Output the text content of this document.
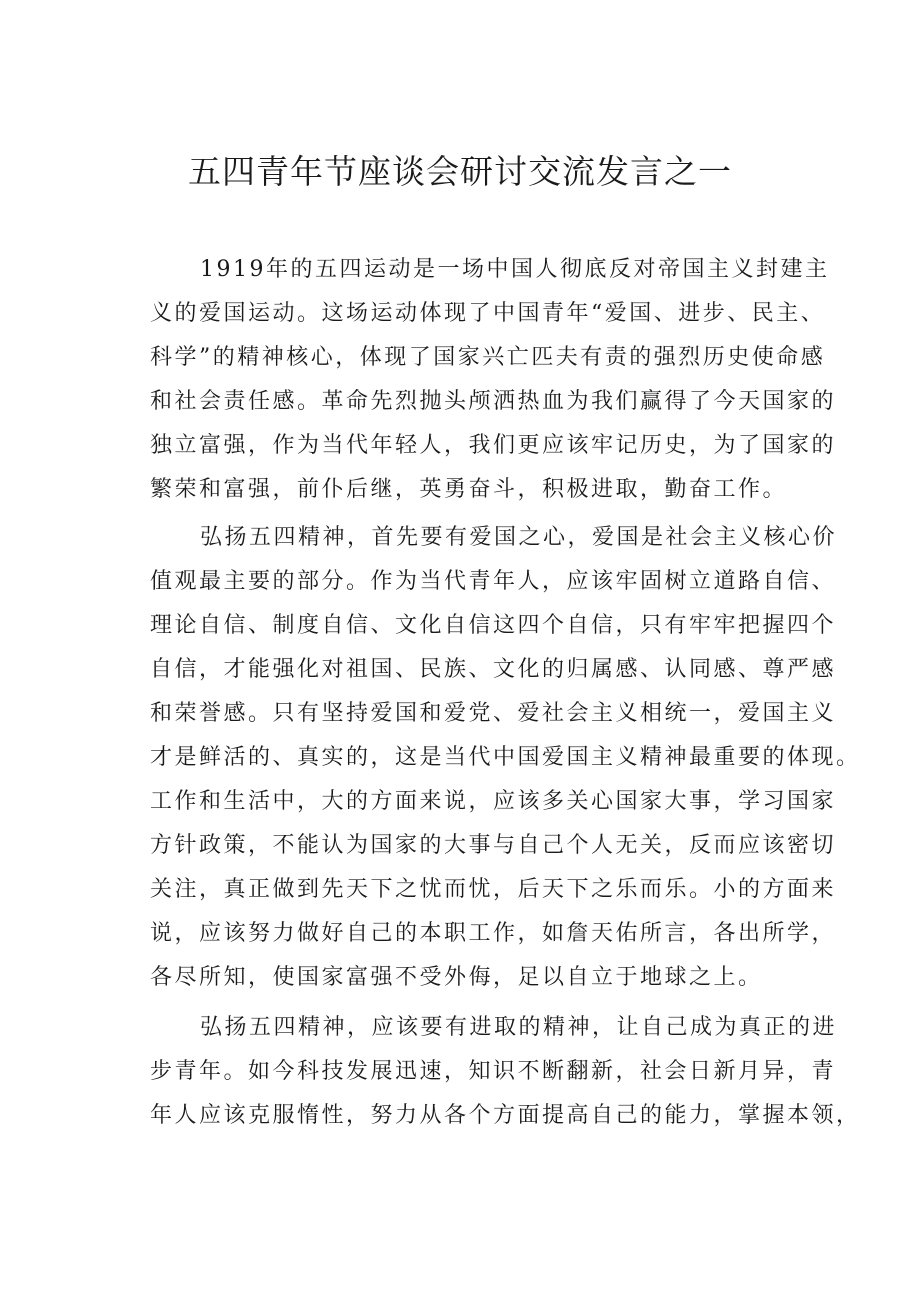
五四青年节座谈会研讨交流发言之一

1919年的五四运动是一场中国人彻底反对帝国主义封建主
义的爱国运动。这场运动体现了中国青年“爱国、进步、民主、
科学”的精神核心，体现了国家兴亡匹夫有责的强烈历史使命感
和社会责任感。革命先烈抛头颅洒热血为我们赢得了今天国家的
独立富强，作为当代年轻人，我们更应该牢记历史，为了国家的
繁荣和富强，前仆后继，英勇奋斗，积极进取，勤奋工作。

弘扬五四精神，首先要有爱国之心，爱国是社会主义核心价
值观最主要的部分。作为当代青年人，应该牢固树立道路自信、
理论自信、制度自信、文化自信这四个自信，只有牢牢把握四个
自信，才能强化对祖国、民族、文化的归属感、认同感、尊严感
和荣誉感。只有坚持爱国和爱党、爱社会主义相统一，爱国主义
才是鲜活的、真实的，这是当代中国爱国主义精神最重要的体现。
工作和生活中，大的方面来说，应该多关心国家大事，学习国家
方针政策，不能认为国家的大事与自己个人无关，反而应该密切
关注，真正做到先天下之忧而忧，后天下之乐而乐。小的方面来
说，应该努力做好自己的本职工作，如詹天佑所言，各出所学，
各尽所知，使国家富强不受外侮，足以自立于地球之上。

弘扬五四精神，应该要有进取的精神，让自己成为真正的进
步青年。如今科技发展迅速，知识不断翻新，社会日新月异，青
年人应该克服惰性，努力从各个方面提高自己的能力，掌握本领，
